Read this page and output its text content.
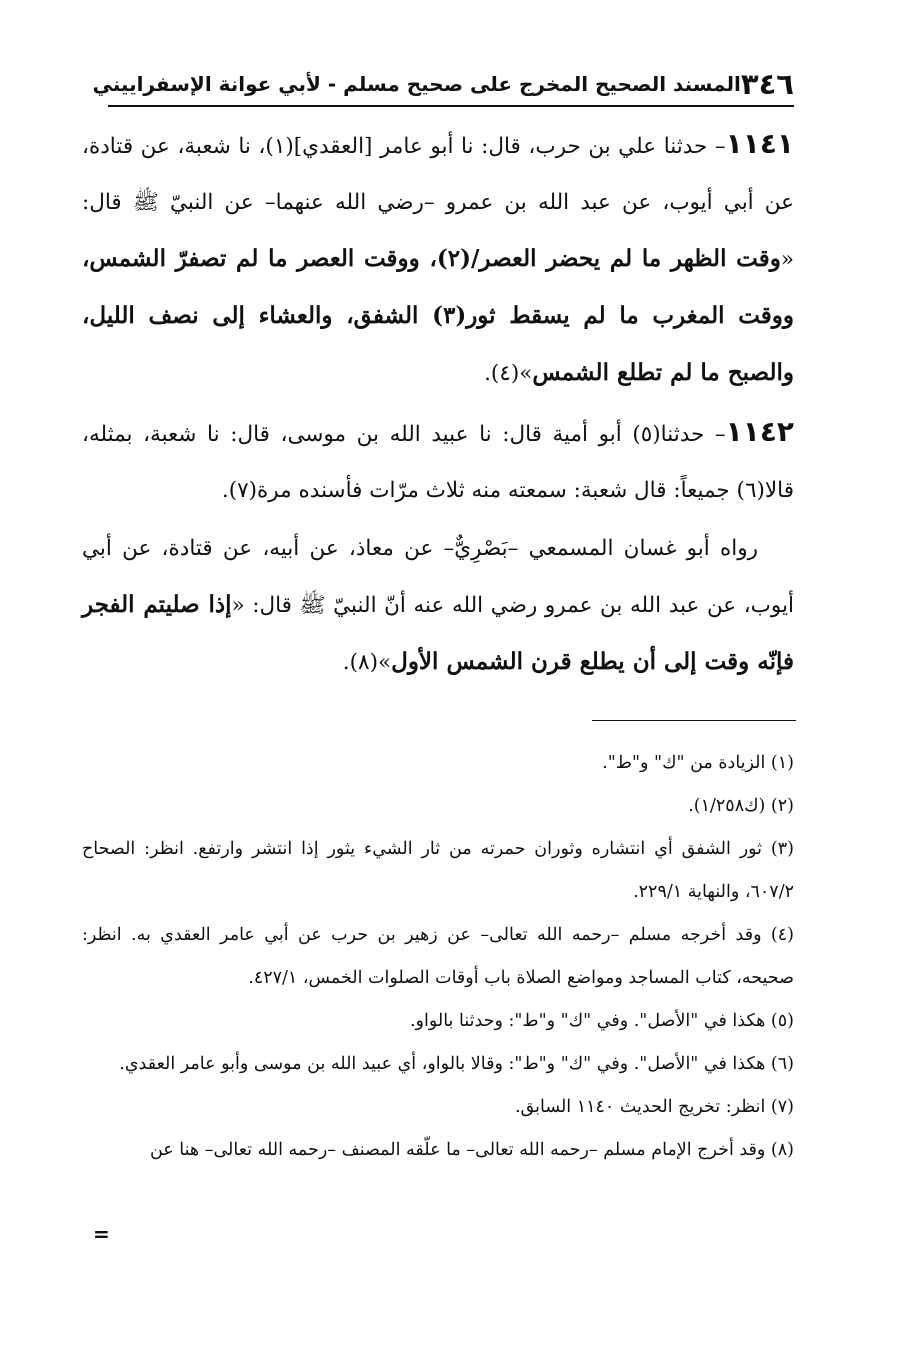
٣٤٦
المسند الصحيح المخرج على صحيح مسلم - لأبي عوانة الإسفراييني

١١٤١– حدثنا علي بن حرب، قال: نا أبو عامر [العقدي](١)، نا شعبة، عن قتادة، عن أبي أيوب، عن عبد الله بن عمرو –رضي الله عنهما– عن النبيّ ﷺ قال: «وقت الظهر ما لم يحضر العصر/(٢)، ووقت العصر ما لم تصفرّ الشمس، ووقت المغرب ما لم يسقط ثور(٣) الشفق، والعشاء إلى نصف الليل، والصبح ما لم تطلع الشمس»(٤).

١١٤٢– حدثنا(٥) أبو أمية قال: نا عبيد الله بن موسى، قال: نا شعبة، بمثله، قالا(٦) جميعاً: قال شعبة: سمعته منه ثلاث مرّات فأسنده مرة(٧).

رواه أبو غسان المسمعي –بَصْرِيٌّ– عن معاذ، عن أبيه، عن قتادة، عن أبي أيوب، عن عبد الله بن عمرو رضي الله عنه أنّ النبيّ ﷺ قال: «إذا صليتم الفجر فإنّه وقت إلى أن يطلع قرن الشمس الأول»(٨).

(١) الزيادة من "ك" و"ط".

(٢) (ك١/٢٥٨).

(٣) ثور الشفق أي انتشاره وثوران حمرته من ثار الشيء يثور إذا انتشر وارتفع. انظر: الصحاح ٦٠٧/٢، والنهاية ٢٢٩/١.

(٤) وقد أخرجه مسلم –رحمه الله تعالى– عن زهير بن حرب عن أبي عامر العقدي به. انظر: صحيحه، كتاب المساجد ومواضع الصلاة باب أوقات الصلوات الخمس، ٤٢٧/١.

(٥) هكذا في "الأصل". وفي "ك" و"ط": وحدثنا بالواو.

(٦) هكذا في "الأصل". وفي "ك" و"ط": وقالا بالواو، أي عبيد الله بن موسى وأبو عامر العقدي.

(٧) انظر: تخريج الحديث ١١٤٠ السابق.

(٨) وقد أخرج الإمام مسلم –رحمه الله تعالى– ما علّقه المصنف –رحمه الله تعالى– هنا عن

=
